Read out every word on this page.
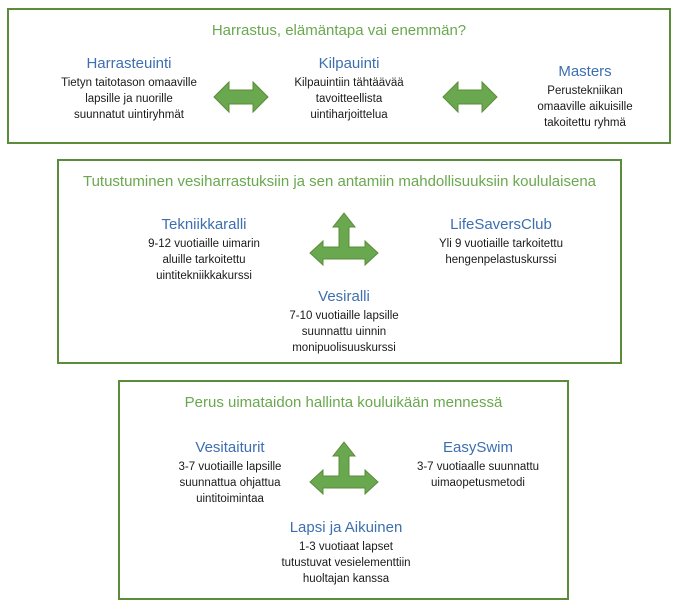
Harrastus, elämäntapa vai enemmän?
Harrasteuinti
Tietyn taitotason omaaville
lapsille ja nuorille
suunnatut uintiryhmät
Kilpauinti
Kilpauintiin tähtäävää
tavoitteellista
uintiharjoittelua
Masters
Perustekniikan
omaaville aikuisille
takoitettu ryhmä
Tutustuminen vesiharrastuksiin ja sen antamiin mahdollisuuksiin koululaisena
Tekniikkaralli
9-12 vuotiaille uimarin
aluille tarkoitettu
uintitekniikkakurssi
LifeSaversClub
Yli 9 vuotiaille tarkoitettu
hengenpelastuskurssi
Vesiralli
7-10 vuotiaille lapsille
suunnattu uinnin
monipuolisuuskurssi
Perus uimataidon hallinta kouluikään mennessä
Vesitaiturit
3-7 vuotiaille lapsille
suunnattua ohjattua
uintitoimintaa
EasySwim
3-7 vuotiaalle suunnattu
uimaopetusmetodi
Lapsi ja Aikuinen
1-3 vuotiaat lapset
tutustuvat vesielementtiin
huoltajan kanssa
